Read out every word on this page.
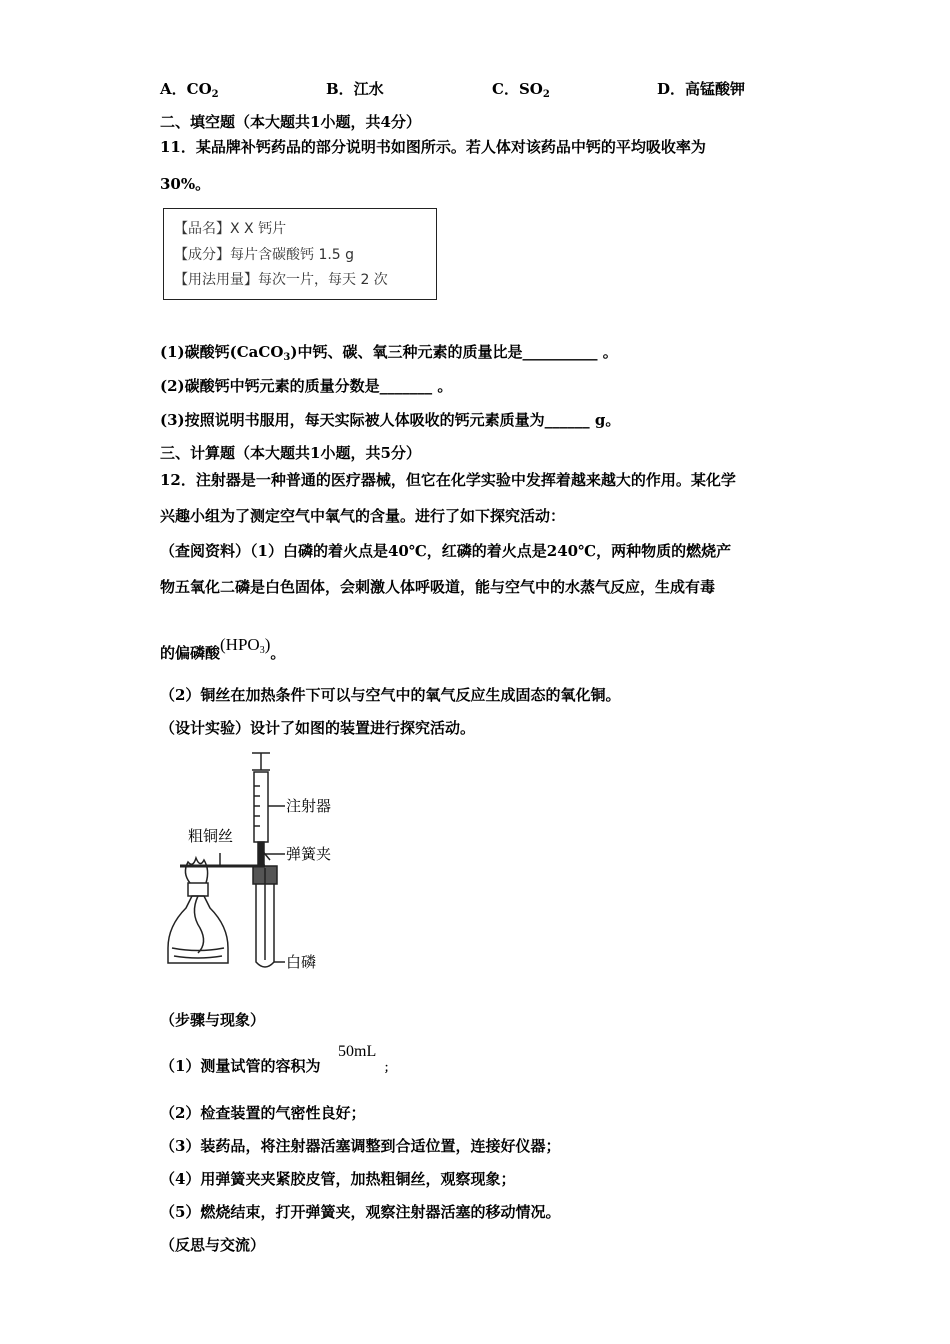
A．$CO_2$	B．江水	C．$SO_2$	D．高锰酸钾
二、填空题（本大题共1小题，共4分）
11．某品牌补钙药品的部分说明书如图所示。若人体对该药品中钙的平均吸收率为
30%。
【品名】X X 钙片
【成分】每片含碳酸钙 1.5 g
【用法用量】每次一片，每天 2 次
(1)碳酸钙(CaCO$_3$)中钙、碳、氧三种元素的质量比是__________ 。
(2)碳酸钙中钙元素的质量分数是_______ 。
(3)按照说明书服用，每天实际被人体吸收的钙元素质量为______ g。
三、计算题（本大题共1小题，共5分）
12．注射器是一种普通的医疗器械，但它在化学实验中发挥着越来越大的作用。某化学
兴趣小组为了测定空气中氧气的含量。进行了如下探究活动：
（查阅资料）（1）白磷的着火点是40℃，红磷的着火点是240℃，两种物质的燃烧产
物五氧化二磷是白色固体，会刺激人体呼吸道，能与空气中的水蒸气反应，生成有毒
的偏磷酸$(HPO_3)$。
（2）铜丝在加热条件下可以与空气中的氧气反应生成固态的氧化铜。
（设计实验）设计了如图的装置进行探究活动。
注射器
弹簧夹
粗铜丝
白磷
（步骤与现象）
（1）测量试管的容积为
50mL
；
（2）检查装置的气密性良好；
（3）装药品，将注射器活塞调整到合适位置，连接好仪器；
（4）用弹簧夹夹紧胶皮管，加热粗铜丝，观察现象；
（5）燃烧结束，打开弹簧夹，观察注射器活塞的移动情况。
（反思与交流）
